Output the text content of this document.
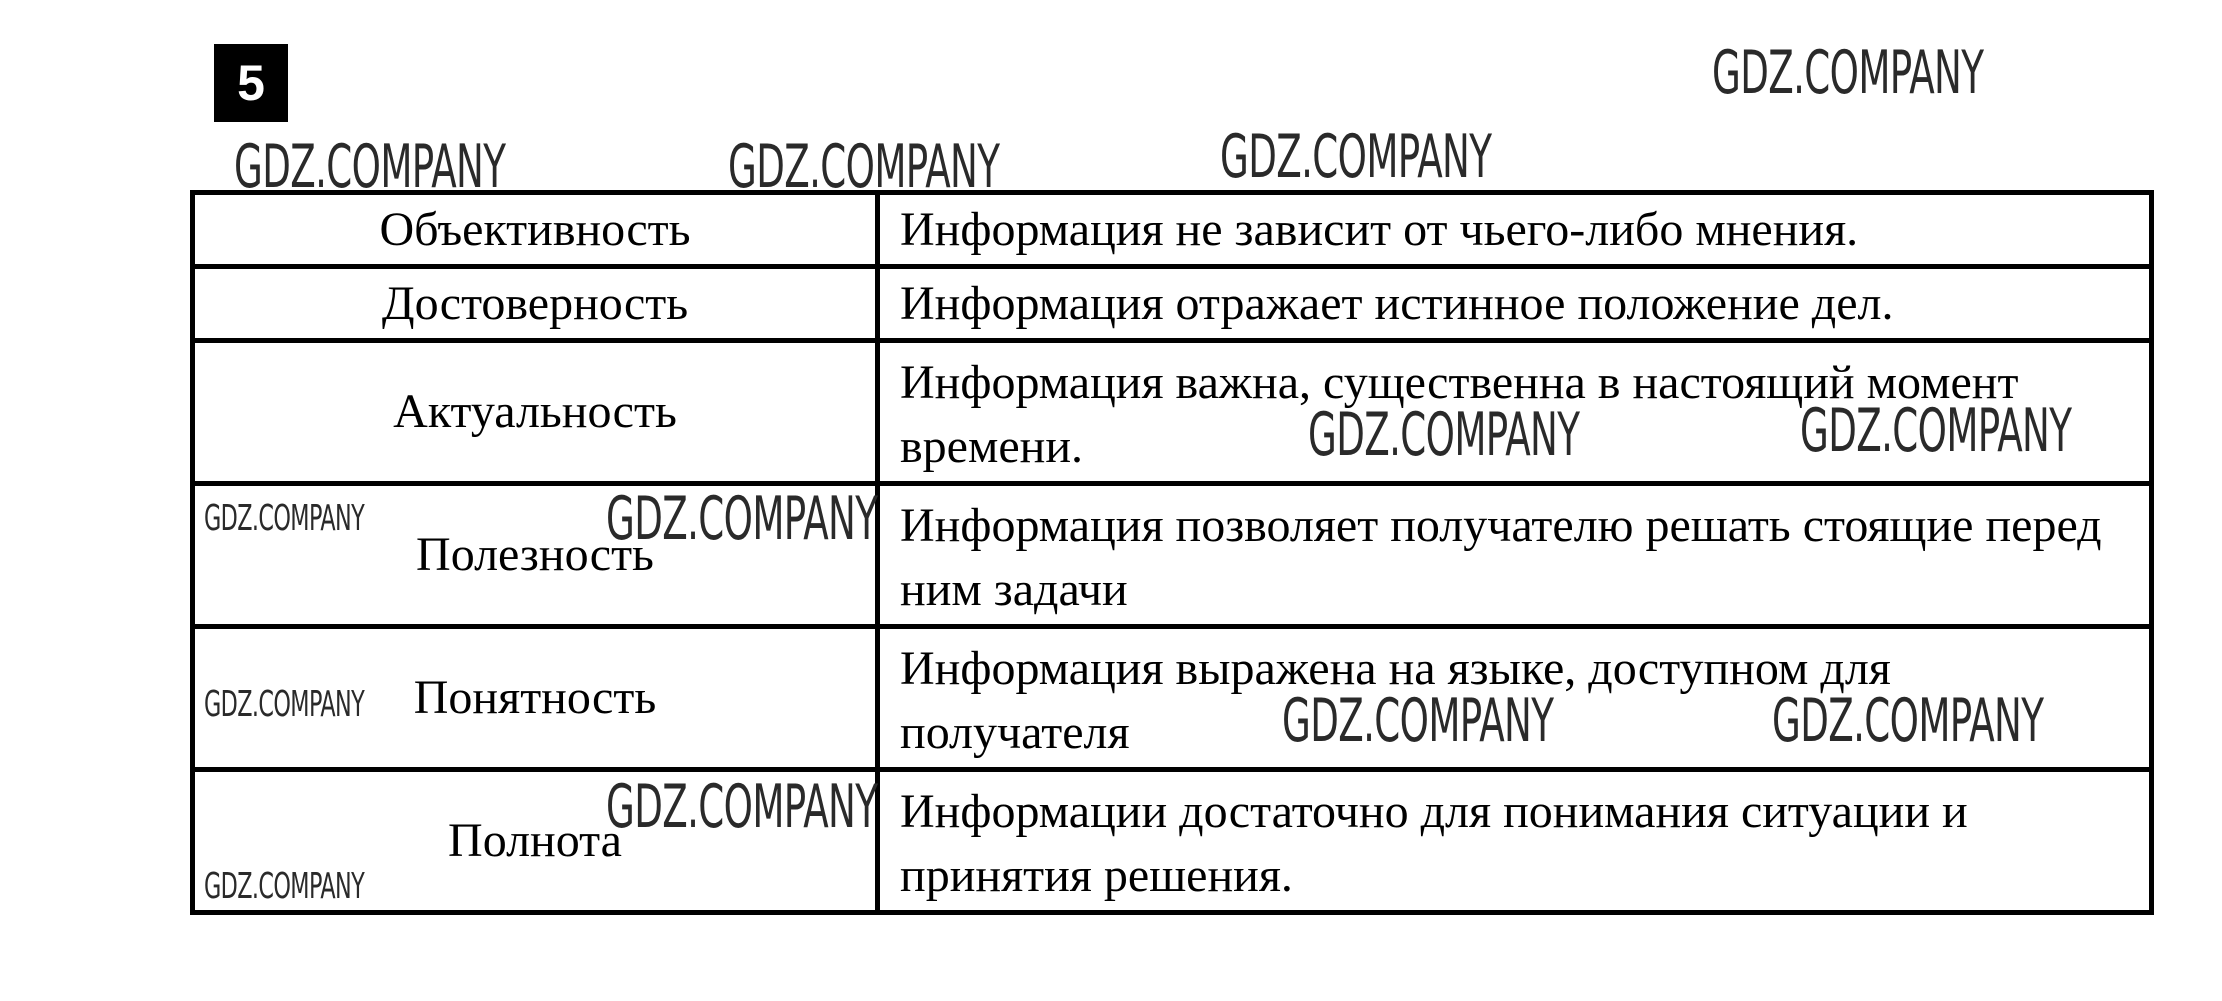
5
Объективность	Информация не зависит от чьего-либо мнения.
Достоверность	Информация отражает истинное положение дел.
Актуальность	Информация важна, существенна в настоящий момент времени.
Полезность	Информация позволяет получателю решать стоящие перед ним задачи
Понятность	Информация выражена на языке, доступном для получателя
Полнота	Информации достаточно для понимания ситуации и принятия решения.
GDZ.COMPANY
GDZ.COMPANY	GDZ.COMPANY	GDZ.COMPANY
GDZ.COMPANY	GDZ.COMPANY
GDZ.COMPANY	GDZ.COMPANY
GDZ.COMPANY	GDZ.COMPANY	GDZ.COMPANY
GDZ.COMPANY
GDZ.COMPANY
